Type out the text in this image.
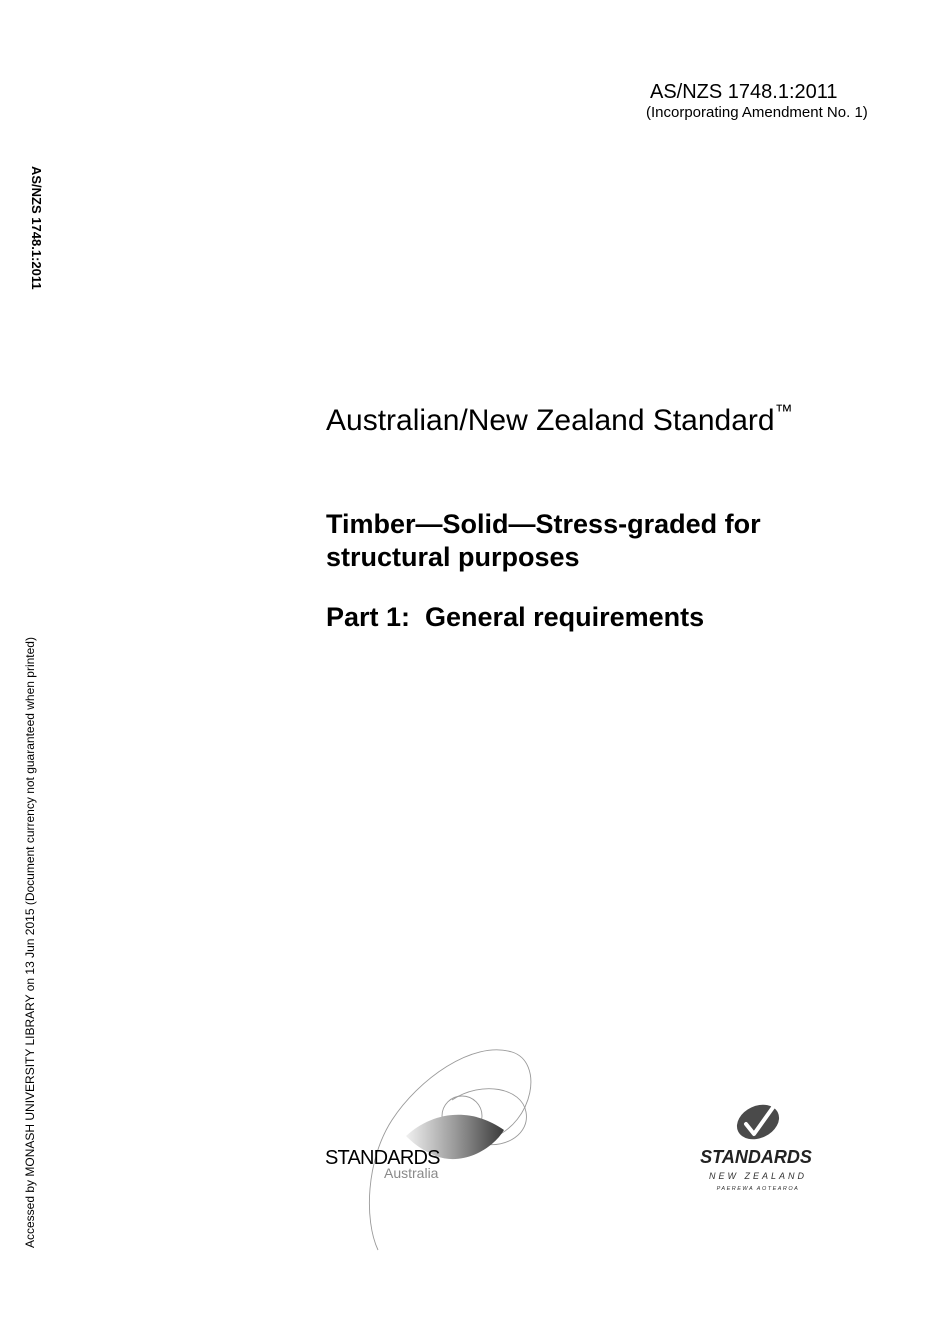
AS/NZS 1748.1:2011
(Incorporating Amendment No. 1)
AS/NZS 1748.1:2011
Accessed by MONASH UNIVERSITY LIBRARY on 13 Jun 2015 (Document currency not guaranteed when printed)
Australian/New Zealand Standard™
Timber—Solid—Stress-graded for structural purposes
Part 1:  General requirements
STANDARDS
Australia
STANDARDS
NEW ZEALAND
PAEREWA AOTEAROA
